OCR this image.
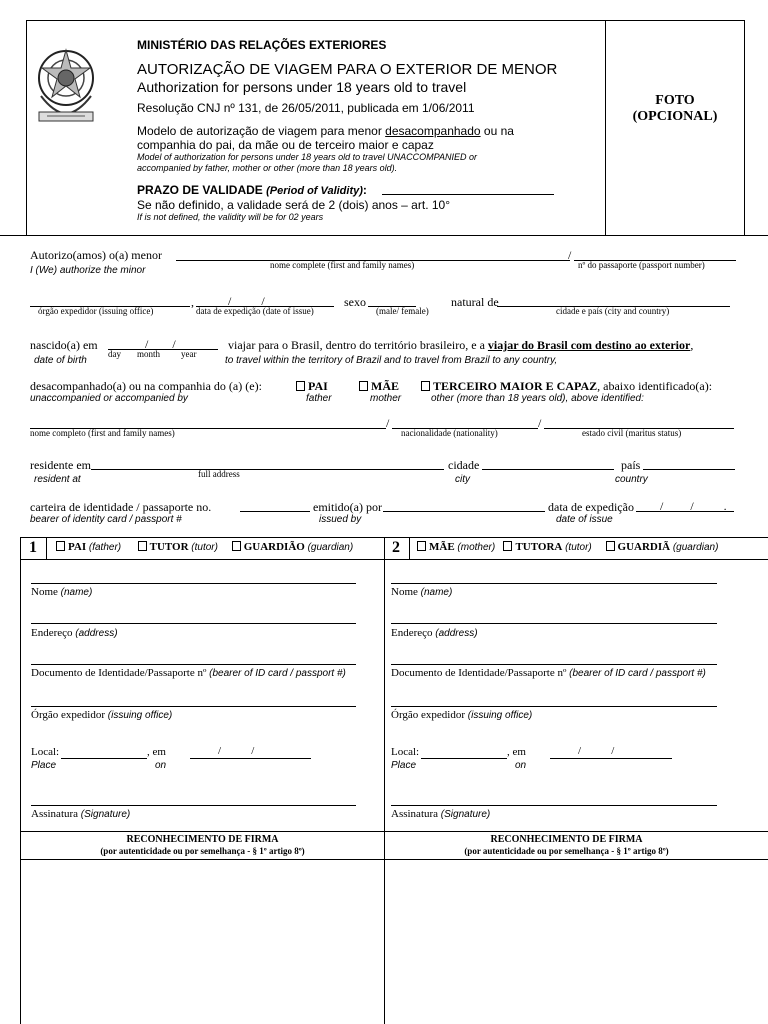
MINISTÉRIO DAS RELAÇÕES EXTERIORES
AUTORIZAÇÃO DE VIAGEM PARA O EXTERIOR DE MENOR
Authorization for persons under 18 years old to travel
Resolução CNJ nº 131, de 26/05/2011, publicada em 1/06/2011
Modelo de autorização de viagem para menor desacompanhado ou na
companhia do pai, da mãe ou de terceiro maior e capaz
Model of authorization for persons under 18 years old to travel UNACCOMPANIED or
accompanied by father, mother or other (more than 18 years old).
PRAZO DE VALIDADE (Period of Validity):
Se não definido, a validade será de 2 (dois) anos – art. 10°
If is not defined, the validity will be for 02 years
FOTO
(OPCIONAL)
Autorizo(amos) o(a) menor	/
I (We) authorize the minor	nome complete (first and family names)	nº do passaporte (passport number)
,	/          /	sexo	natural de
órgão expedidor (issuing office)	data de expedição (date of issue)	(male/ female)	cidade e país (city and country)
nascido(a) em	/        /
day month year
viajar para o Brasil, dentro do território brasileiro, e a viajar do Brasil com destino ao exterior,
date of birth	to travel within the territory of Brazil and to travel from Brazil to any country,
desacompanhado(a) ou na companhia do (a) (e):	PAI	MÃE	TERCEIRO MAIOR E CAPAZ, abaixo identificado(a):
unaccompanied or accompanied by	father	mother	other (more than 18 years old), above identified:
/	/
nome completo (first and family names)	nacionalidade (nationality)	estado civil (maritus status)
residente em
full address
cidade	país
resident at	city	country
carteira de identidade / passaporte no.	emitido(a) por	data de expedição /         /          .
bearer of identity card / passport #	issued by	date of issue
1	PAI (father)	TUTOR (tutor) GUARDIÃO (guardian) 2	MÃE (mother) TUTORA (tutor) GUARDIÃ (guardian)
Nome (name)
Endereço (address)
Documento de Identidade/Passaporte nº (bearer of ID card / passport #)
Órgão expedidor (issuing office)
Local:	, em	/           /
Place	on
Assinatura (Signature)
Nome (name)
Endereço (address)
Documento de Identidade/Passaporte nº (bearer of ID card / passport #)
Órgão expedidor (issuing office)
Local:	, em	/           /
Place	on
Assinatura (Signature)
RECONHECIMENTO DE FIRMA
(por autenticidade ou por semelhança - § 1º artigo 8º)
RECONHECIMENTO DE FIRMA
(por autenticidade ou por semelhança - § 1º artigo 8º)
